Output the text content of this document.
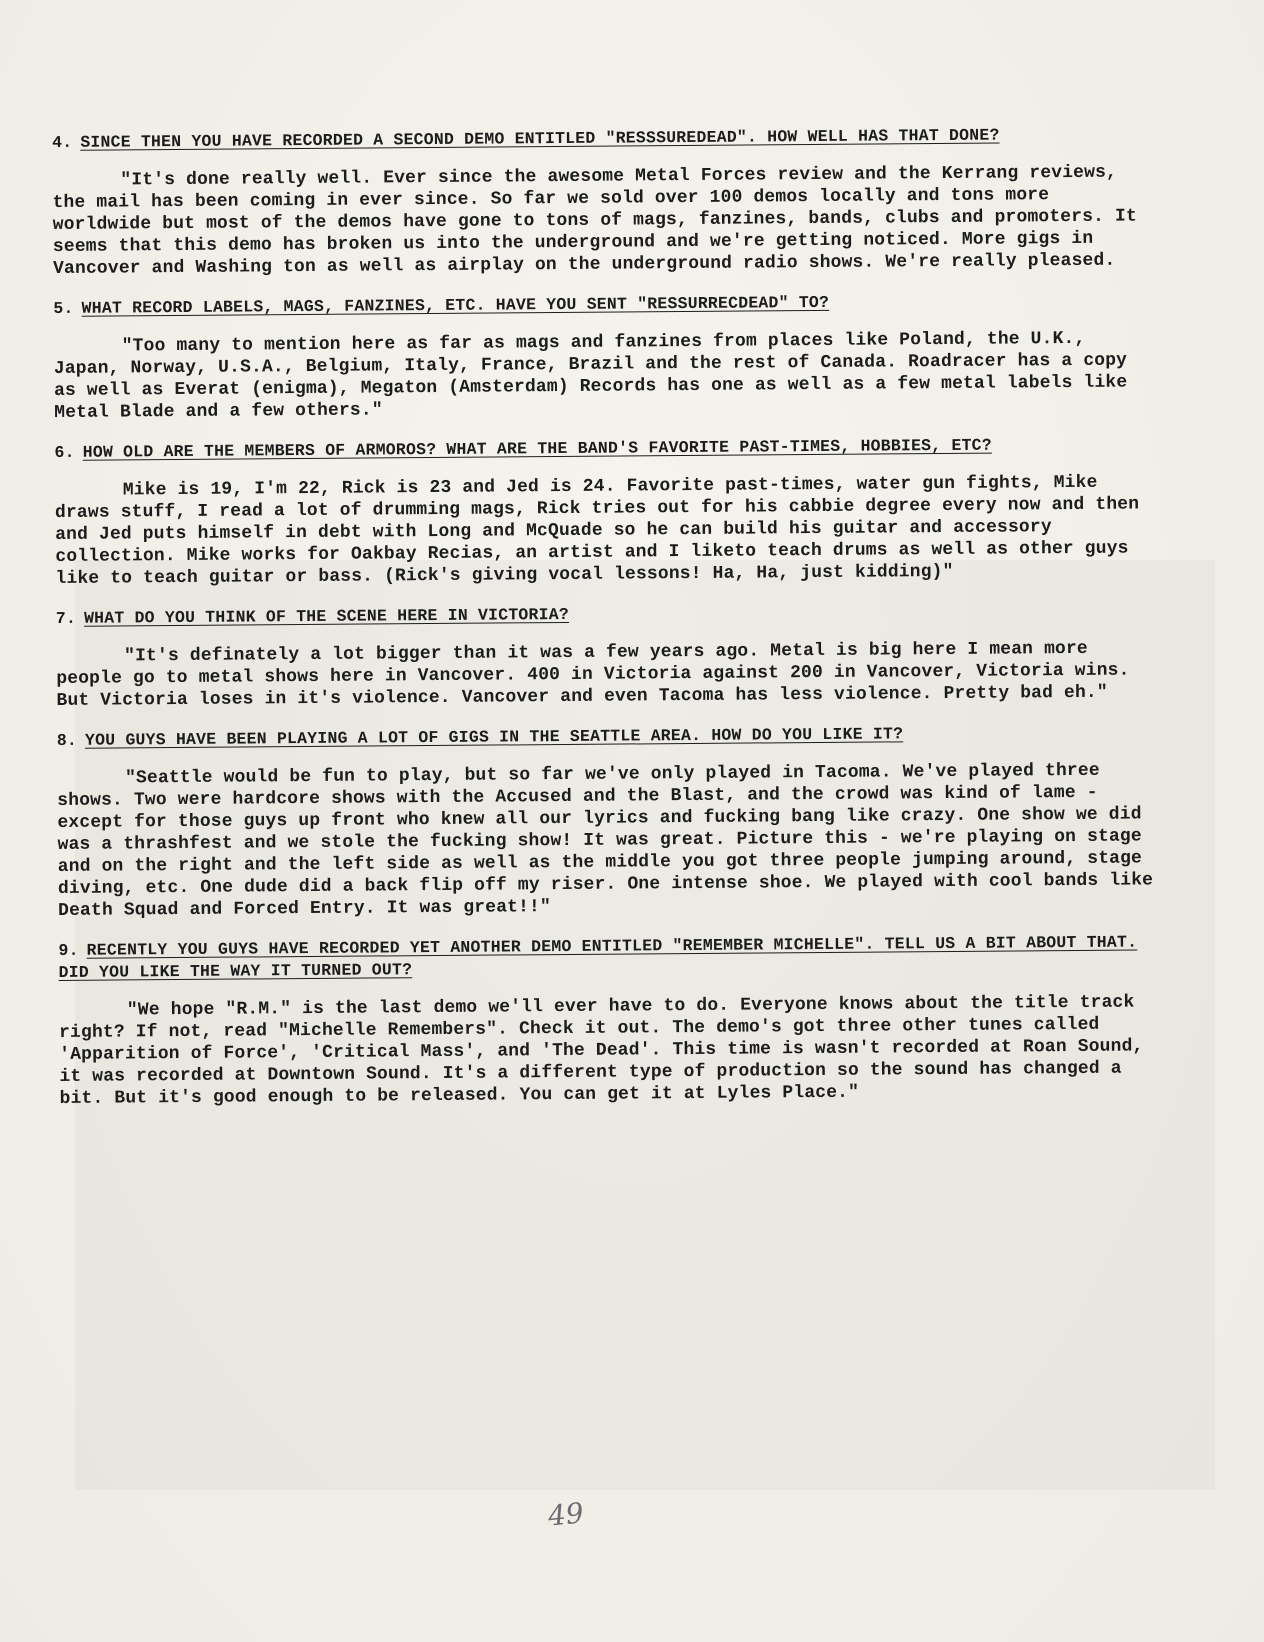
4. SINCE THEN YOU HAVE RECORDED A SECOND DEMO ENTITLED "RESSSUREDEAD". HOW WELL HAS THAT DONE?

"It's done really well. Ever since the awesome Metal Forces review and the Kerrang reviews, the mail has been coming in ever since. So far we sold over 100 demos locally and tons more worldwide but most of the demos have gone to tons of mags, fanzines, bands, clubs and promoters. It seems that this demo has broken us into the underground and we're getting noticed. More gigs in Vancover and Washing ton as well as airplay on the underground radio shows. We're really pleased.

5. WHAT RECORD LABELS, MAGS, FANZINES, ETC. HAVE YOU SENT "RESSURRECDEAD" TO?

"Too many to mention here as far as mags and fanzines from places like Poland, the U.K., Japan, Norway, U.S.A., Belgium, Italy, France, Brazil and the rest of Canada. Roadracer has a copy as well as Everat (enigma), Megaton (Amsterdam) Records has one as well as a few metal labels like Metal Blade and a few others."

6. HOW OLD ARE THE MEMBERS OF ARMOROS? WHAT ARE THE BAND'S FAVORITE PAST-TIMES, HOBBIES, ETC?

Mike is 19, I'm 22, Rick is 23 and Jed is 24. Favorite past-times, water gun fights, Mike draws stuff, I read a lot of drumming mags, Rick tries out for his cabbie degree every now and then and Jed puts himself in debt with Long and McQuade so he can build his guitar and accessory collection. Mike works for Oakbay Recias, an artist and I liketo teach drums as well as other guys like to teach guitar or bass. (Rick's giving vocal lessons! Ha, Ha, just kidding)"

7. WHAT DO YOU THINK OF THE SCENE HERE IN VICTORIA?

"It's definately a lot bigger than it was a few years ago. Metal is big here I mean more people go to metal shows here in Vancover. 400 in Victoria against 200 in Vancover, Victoria wins. But Victoria loses in it's violence. Vancover and even Tacoma has less violence. Pretty bad eh."

8. YOU GUYS HAVE BEEN PLAYING A LOT OF GIGS IN THE SEATTLE AREA. HOW DO YOU LIKE IT?

"Seattle would be fun to play, but so far we've only played in Tacoma. We've played three shows. Two were hardcore shows with the Accused and the Blast, and the crowd was kind of lame - except for those guys up front who knew all our lyrics and fucking bang like crazy. One show we did was a thrashfest and we stole the fucking show! It was great. Picture this - we're playing on stage and on the right and the left side as well as the middle you got three people jumping around, stage diving, etc. One dude did a back flip off my riser. One intense shoe. We played with cool bands like Death Squad and Forced Entry. It was great!!"

9. RECENTLY YOU GUYS HAVE RECORDED YET ANOTHER DEMO ENTITLED "REMEMBER MICHELLE". TELL US A BIT ABOUT THAT. DID YOU LIKE THE WAY IT TURNED OUT?

"We hope "R.M." is the last demo we'll ever have to do. Everyone knows about the title track right? If not, read "Michelle Remembers". Check it out. The demo's got three other tunes called 'Apparition of Force', 'Critical Mass', and 'The Dead'. This time is wasn't recorded at Roan Sound, it was recorded at Downtown Sound. It's a different type of production so the sound has changed a bit. But it's good enough to be released. You can get it at Lyles Place."

49
